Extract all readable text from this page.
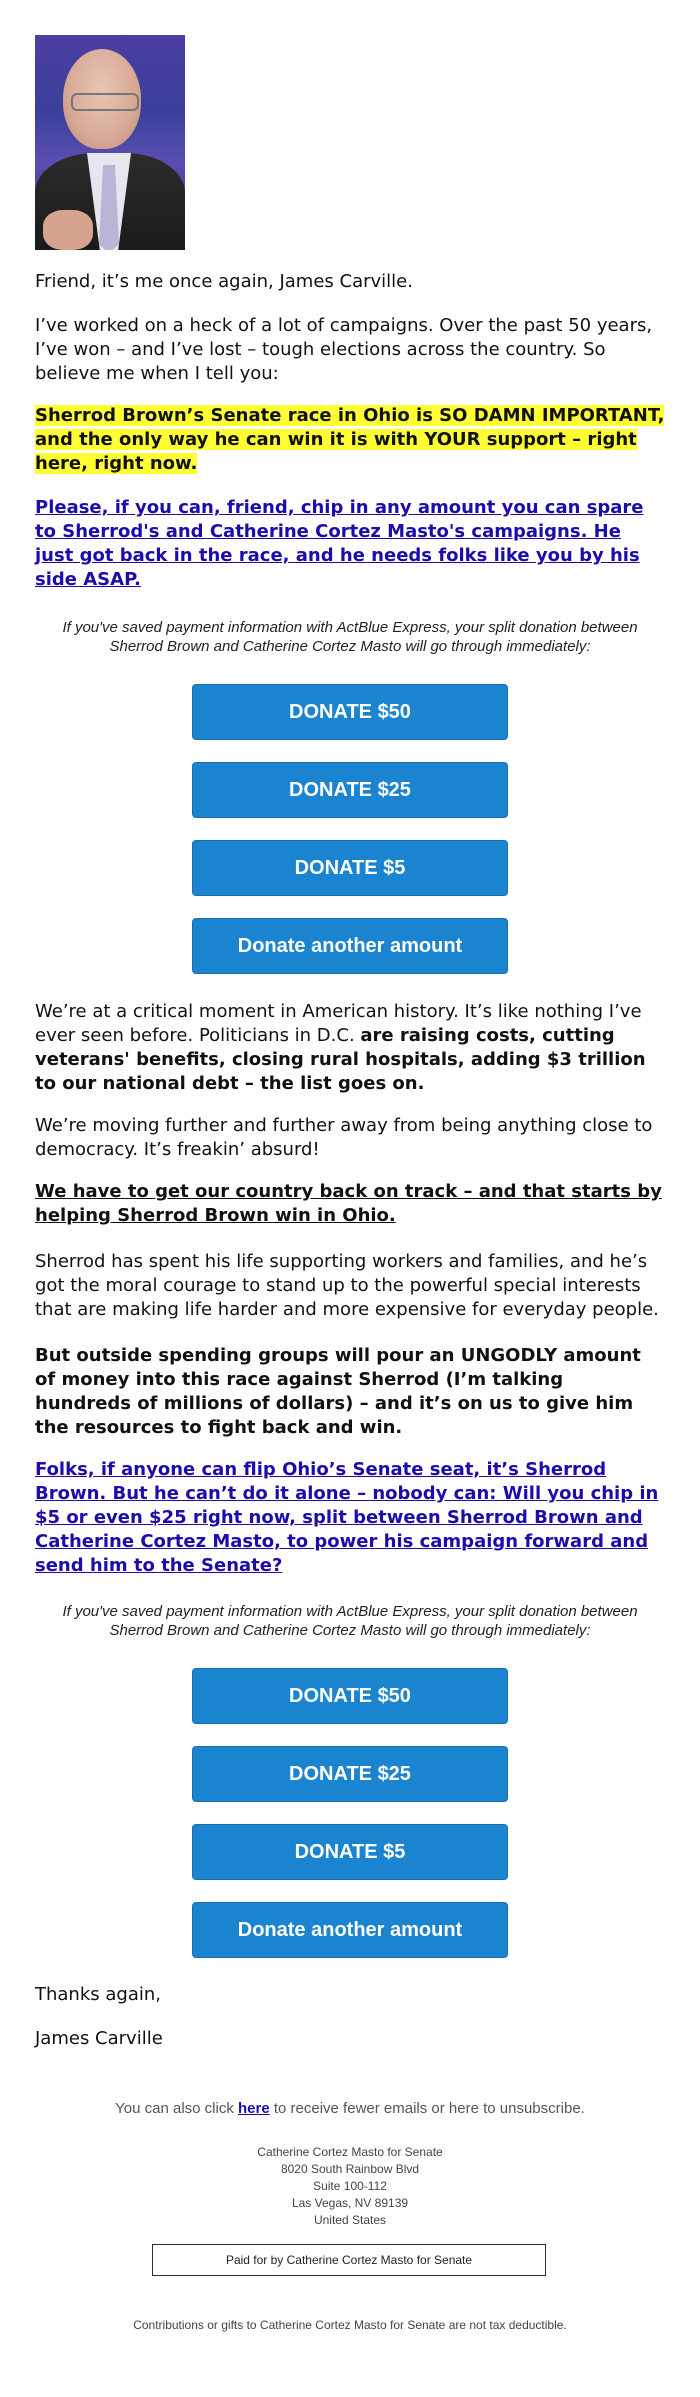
Friend, it’s me once again, James Carville.

I’ve worked on a heck of a lot of campaigns. Over the past 50 years, I’ve won – and I’ve lost – tough elections across the country. So believe me when I tell you:

Sherrod Brown’s Senate race in Ohio is SO DAMN IMPORTANT, and the only way he can win it is with YOUR support – right here, right now.

Please, if you can, friend, chip in any amount you can spare to Sherrod's and Catherine Cortez Masto's campaigns. He just got back in the race, and he needs folks like you by his side ASAP.

If you've saved payment information with ActBlue Express, your split donation between Sherrod Brown and Catherine Cortez Masto will go through immediately:

DONATE $50
DONATE $25
DONATE $5
Donate another amount

We’re at a critical moment in American history. It’s like nothing I’ve ever seen before. Politicians in D.C. are raising costs, cutting veterans' benefits, closing rural hospitals, adding $3 trillion to our national debt – the list goes on.

We’re moving further and further away from being anything close to democracy. It’s freakin’ absurd!

We have to get our country back on track – and that starts by helping Sherrod Brown win in Ohio.

Sherrod has spent his life supporting workers and families, and he’s got the moral courage to stand up to the powerful special interests that are making life harder and more expensive for everyday people.

But outside spending groups will pour an UNGODLY amount of money into this race against Sherrod (I’m talking hundreds of millions of dollars) – and it’s on us to give him the resources to fight back and win.

Folks, if anyone can flip Ohio’s Senate seat, it’s Sherrod Brown. But he can’t do it alone – nobody can: Will you chip in $5 or even $25 right now, split between Sherrod Brown and Catherine Cortez Masto, to power his campaign forward and send him to the Senate?

If you've saved payment information with ActBlue Express, your split donation between Sherrod Brown and Catherine Cortez Masto will go through immediately:

DONATE $50
DONATE $25
DONATE $5
Donate another amount

Thanks again,

James Carville

You can also click here to receive fewer emails or here to unsubscribe.
Catherine Cortez Masto for Senate
8020 South Rainbow Blvd
Suite 100-112
Las Vegas, NV 89139
United States
Paid for by Catherine Cortez Masto for Senate
Contributions or gifts to Catherine Cortez Masto for Senate are not tax deductible.
